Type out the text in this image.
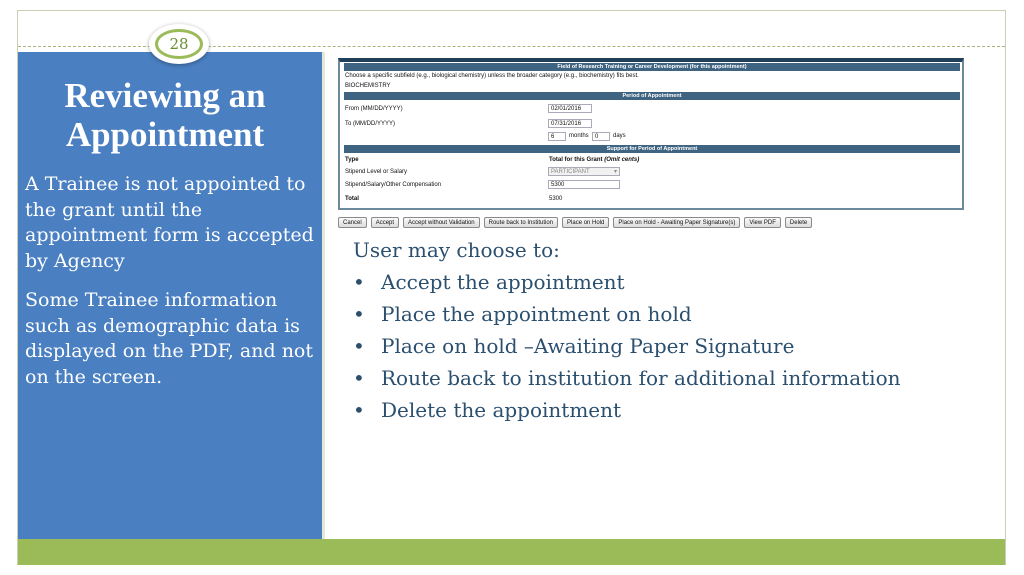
28
Reviewing an
Appointment

A Trainee is not appointed to the grant until the appointment form is accepted by Agency

Some Trainee information such as demographic data is displayed on the PDF, and not on the screen.

Field of Research Training or Career Development (for this appointment)
Choose a specific subfield (e.g., biological chemistry) unless the broader category (e.g., biochemistry) fits best.
BIOCHEMISTRY
Period of Appointment
From (MM/DD/YYYY)	02/01/2016
To (MM/DD/YYYY)	07/31/2016
6	months	0	days
Support for Period of Appointment
Type	Total for this Grant (Omit cents)
Stipend Level or Salary	PARTICIPANT	▾
Stipend/Salary/Other Compensation	5300
Total	5300
Cancel	Accept	Accept without Validation	Route back to Institution	Place on Hold	Place on Hold - Awaiting Paper Signature(s)	View PDF	Delete
User may choose to:
• Accept the appointment
• Place the appointment on hold
• Place on hold –Awaiting Paper Signature
• Route back to institution for additional information
• Delete the appointment
